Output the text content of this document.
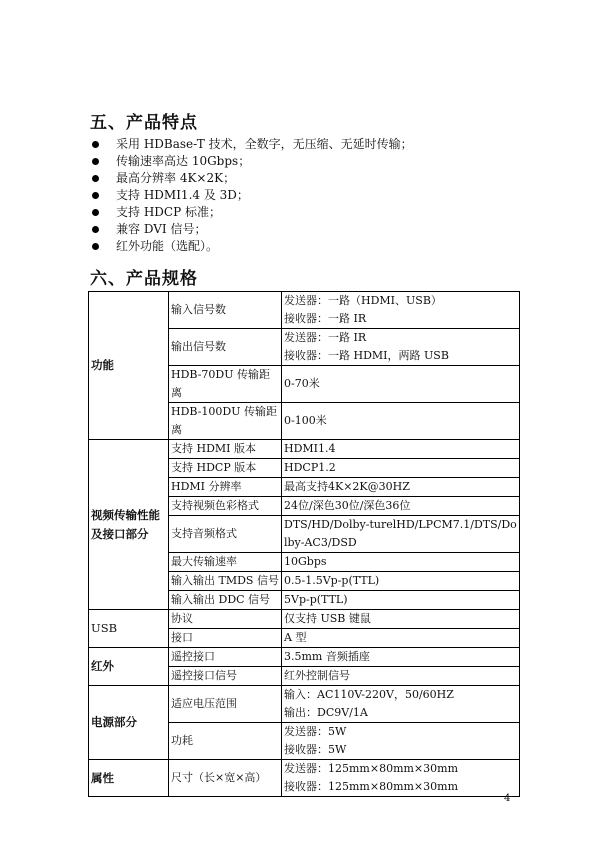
五、产品特点
采用 HDBase-T 技术，全数字，无压缩、无延时传输；
传输速率高达 10Gbps；
最高分辨率 4K×2K；
支持 HDMI1.4 及 3D；
支持 HDCP 标准；
兼容 DVI 信号；
红外功能（选配）。
六、产品规格
功能	输入信号数	发送器：一路（HDMI、USB）
接收器：一路 IR

	输出信号数	发送器：一路 IR
接收器：一路 HDMI，两路 USB

	HDB-70DU 传输距离	0-70米
	HDB-100DU 传输距离	0-100米
视频传输性能及接口部分	支持 HDMI 版本	HDMI1.4
	支持 HDCP 版本	HDCP1.2
	HDMI 分辨率	最高支持4K×2K@30HZ
	支持视频色彩格式	24位/深色30位/深色36位
	支持音频格式	DTS/HD/Dolby-turelHD/LPCM7.1/DTS/Dolby-AC3/DSD
	最大传输速率	10Gbps
	输入输出 TMDS 信号	0.5-1.5Vp-p(TTL)
	输入输出 DDC 信号	5Vp-p(TTL)
USB	协议	仅支持 USB 键鼠
	接口	A 型
红外	遥控接口	3.5mm 音频插座
	遥控接口信号	红外控制信号
电源部分	适应电压范围	输入：AC110V-220V，50/60HZ
输出：DC9V/1A

	功耗	发送器：5W
接收器：5W

属性	尺寸（长×宽×高）	发送器：125mm×80mm×30mm
接收器：125mm×80mm×30mm
4
